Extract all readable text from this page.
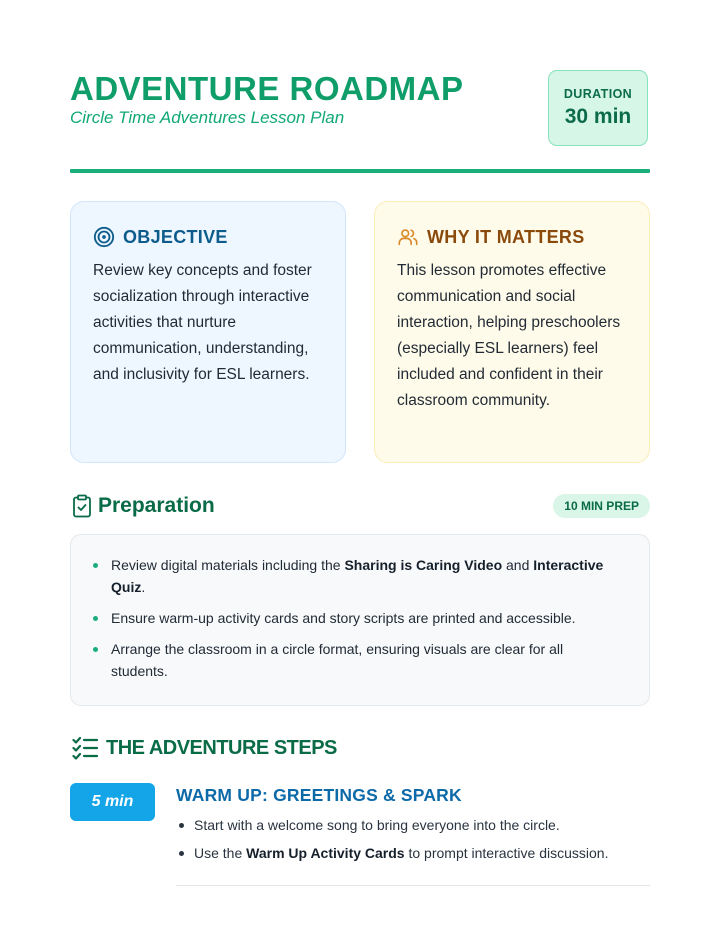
ADVENTURE ROADMAP
Circle Time Adventures Lesson Plan
DURATION
30 min
OBJECTIVE
Review key concepts and foster socialization through interactive activities that nurture communication, understanding, and inclusivity for ESL learners.
WHY IT MATTERS
This lesson promotes effective communication and social interaction, helping preschoolers (especially ESL learners) feel included and confident in their classroom community.
Preparation	10 MIN PREP
Review digital materials including the Sharing is Caring Video and Interactive Quiz.
Ensure warm-up activity cards and story scripts are printed and accessible.
Arrange the classroom in a circle format, ensuring visuals are clear for all students.
THE ADVENTURE STEPS
5 min	WARM UP: GREETINGS & SPARK
Start with a welcome song to bring everyone into the circle.
Use the Warm Up Activity Cards to prompt interactive discussion.
